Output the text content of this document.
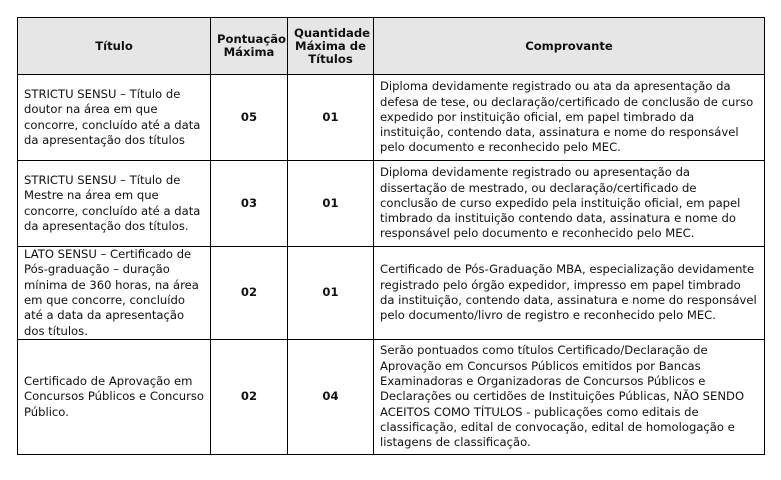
Título	Pontuação Máxima	Quantidade Máxima de Títulos	Comprovante
STRICTU SENSU – Título de doutor na área em que concorre, concluído até a data da apresentação dos títulos	05	01	Diploma devidamente registrado ou ata da apresentação da defesa de tese, ou declaração/certificado de conclusão de curso expedido por instituição oficial, em papel timbrado da instituição, contendo data, assinatura e nome do responsável pelo documento e reconhecido pelo MEC.
STRICTU SENSU – Título de Mestre na área em que concorre, concluído até a data da apresentação dos títulos.	03	01	Diploma devidamente registrado ou apresentação da dissertação de mestrado, ou declaração/certificado de conclusão de curso expedido pela instituição oficial, em papel timbrado da instituição contendo data, assinatura e nome do responsável pelo documento e reconhecido pelo MEC.
LATO SENSU – Certificado de Pós-graduação – duração mínima de 360 horas, na área em que concorre, concluído até a data da apresentação dos títulos.	02	01	Certificado de Pós-Graduação MBA, especialização devidamente registrado pelo órgão expedidor, impresso em papel timbrado da instituição, contendo data, assinatura e nome do responsável pelo documento/livro de registro e reconhecido pelo MEC.
Certificado de Aprovação em Concursos Públicos e Concurso Público.	02	04	Serão pontuados como títulos Certificado/Declaração de Aprovação em Concursos Públicos emitidos por Bancas Examinadoras e Organizadoras de Concursos Públicos e Declarações ou certidões de Instituições Públicas, NÃO SENDO ACEITOS COMO TÍTULOS - publicações como editais de classificação, edital de convocação, edital de homologação e listagens de classificação.
